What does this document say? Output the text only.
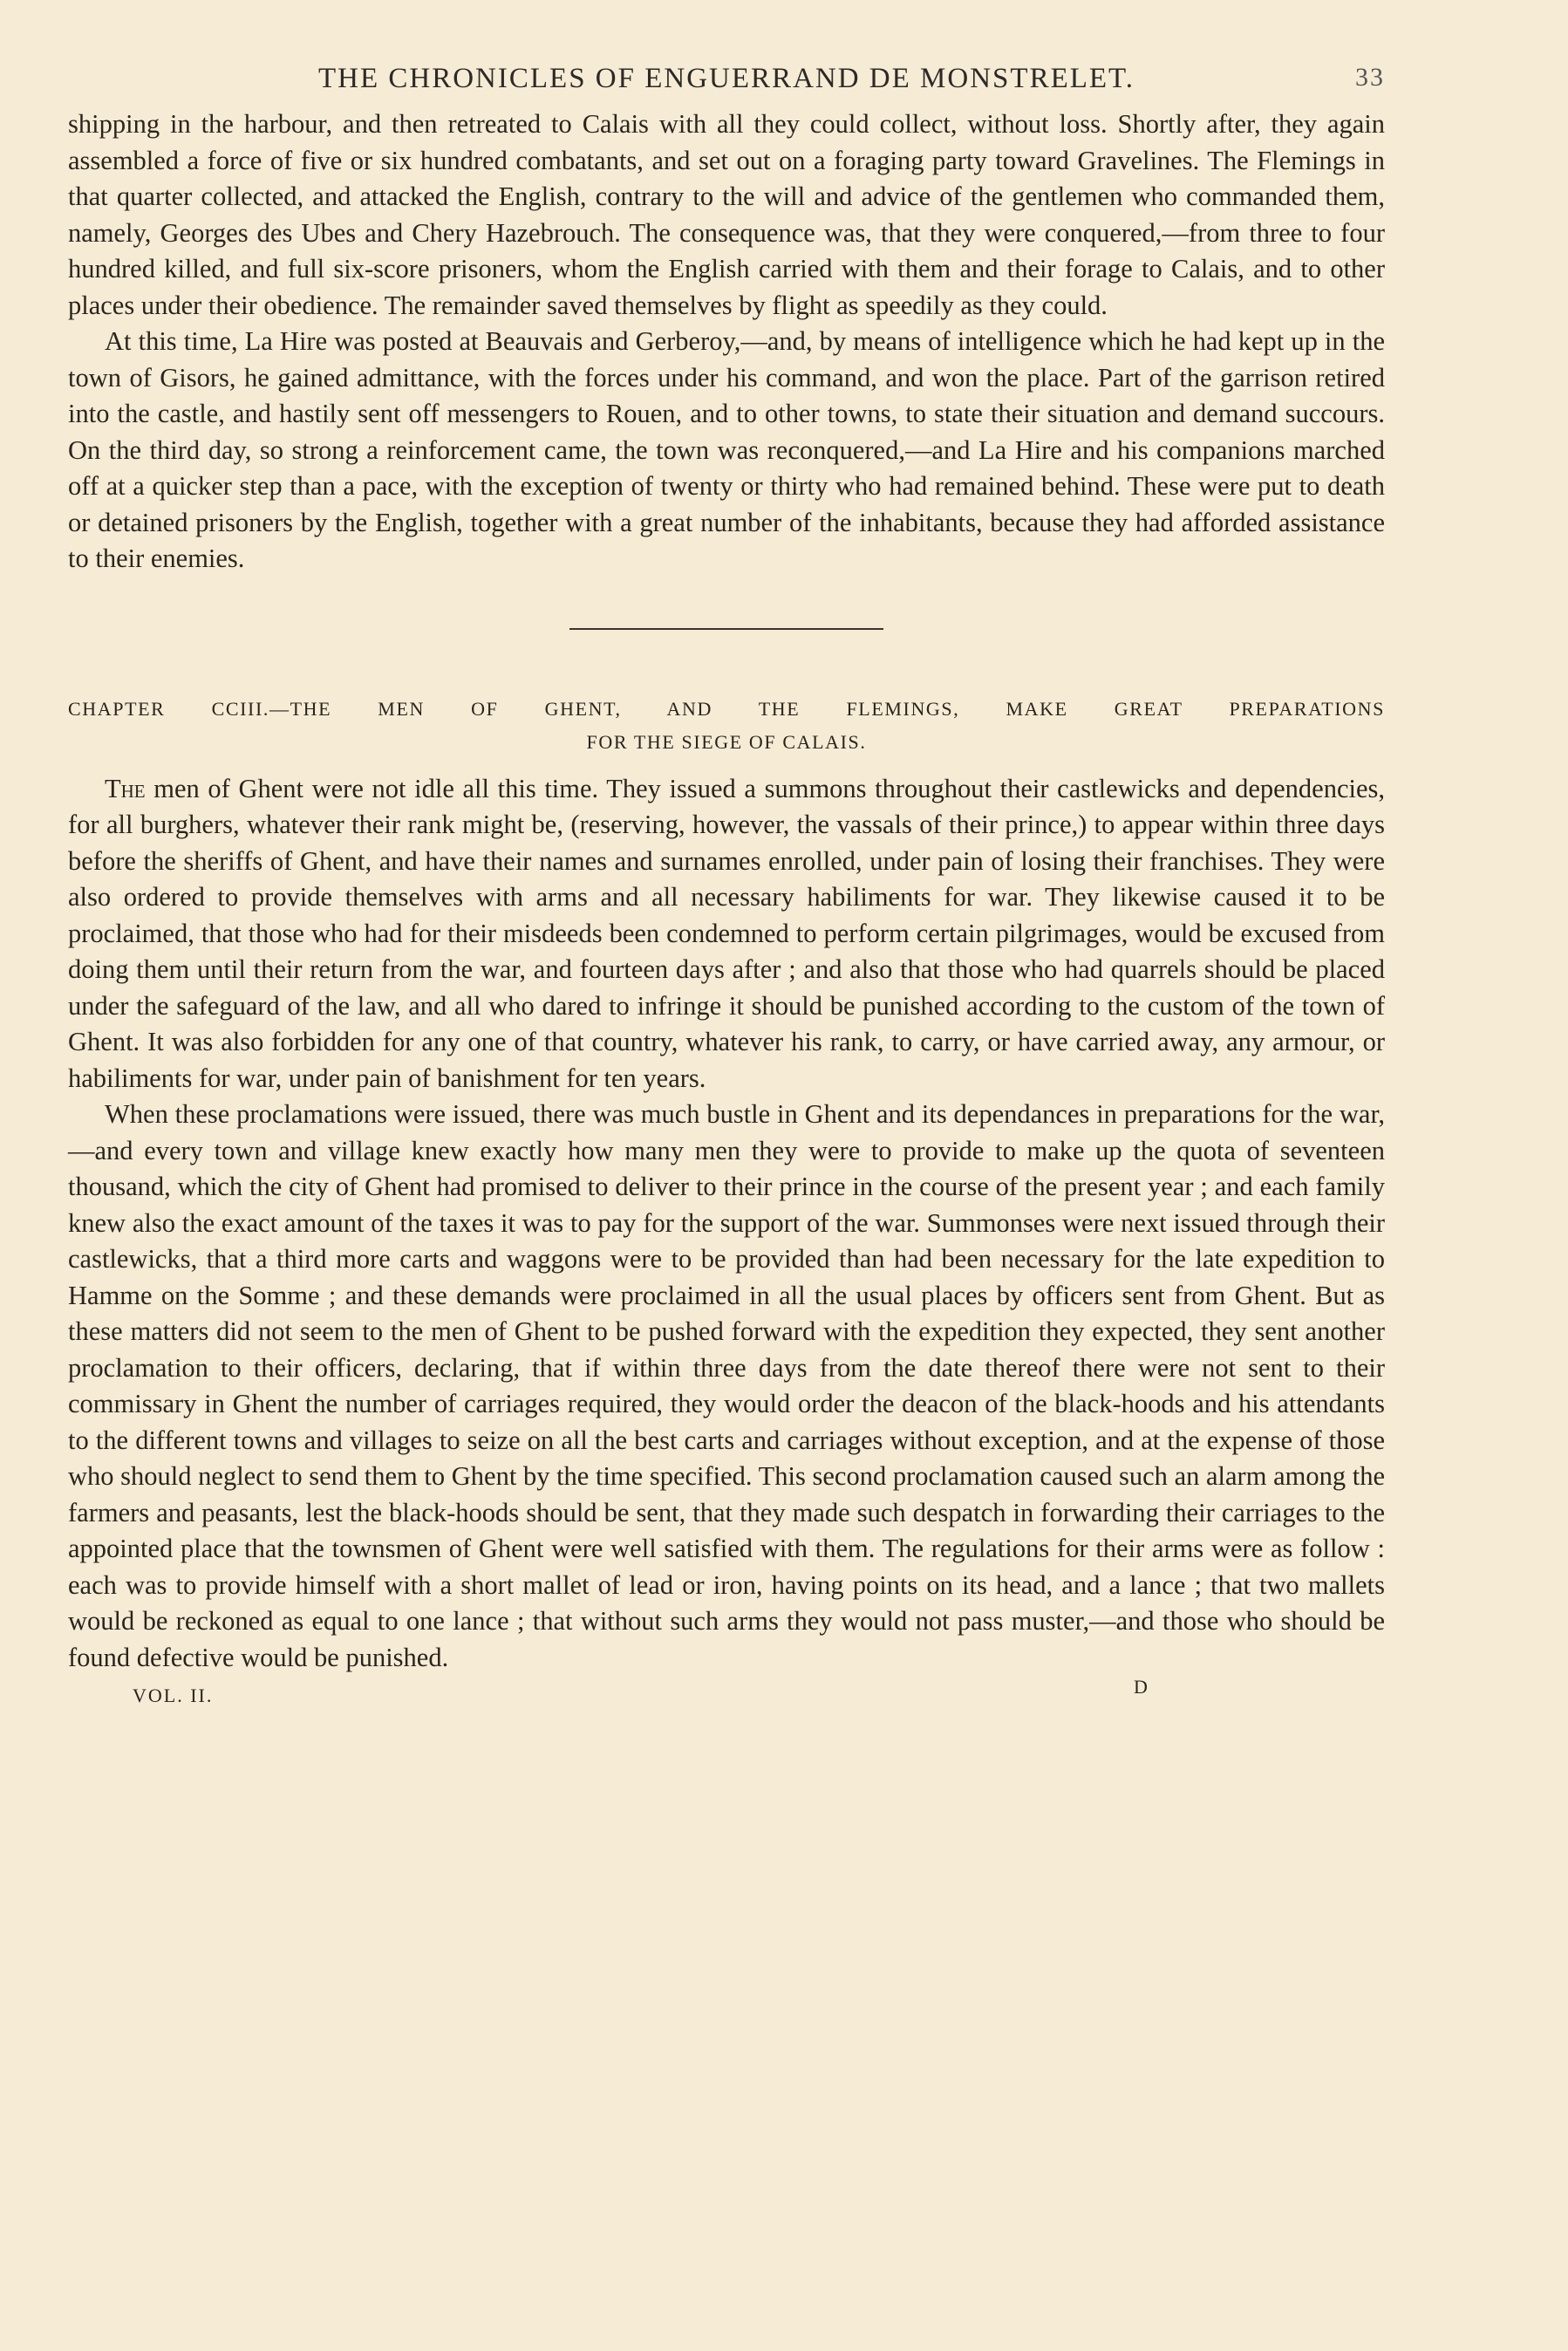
THE CHRONICLES OF ENGUERRAND DE MONSTRELET.	33

shipping in the harbour, and then retreated to Calais with all they could collect, without loss. Shortly after, they again assembled a force of five or six hundred combatants, and set out on a foraging party toward Gravelines. The Flemings in that quarter collected, and attacked the English, contrary to the will and advice of the gentlemen who commanded them, namely, Georges des Ubes and Chery Hazebrouch. The consequence was, that they were conquered,—from three to four hundred killed, and full six-score prisoners, whom the English carried with them and their forage to Calais, and to other places under their obedience. The remainder saved themselves by flight as speedily as they could.

At this time, La Hire was posted at Beauvais and Gerberoy,—and, by means of intelligence which he had kept up in the town of Gisors, he gained admittance, with the forces under his command, and won the place. Part of the garrison retired into the castle, and hastily sent off messengers to Rouen, and to other towns, to state their situation and demand succours. On the third day, so strong a reinforcement came, the town was reconquered,—and La Hire and his companions marched off at a quicker step than a pace, with the exception of twenty or thirty who had remained behind. These were put to death or detained prisoners by the English, together with a great number of the inhabitants, because they had afforded assistance to their enemies.

CHAPTER CCIII.—THE MEN OF GHENT, AND THE FLEMINGS, MAKE GREAT PREPARATIONS
FOR THE SIEGE OF CALAIS.

The men of Ghent were not idle all this time. They issued a summons throughout their castlewicks and dependencies, for all burghers, whatever their rank might be, (reserving, however, the vassals of their prince,) to appear within three days before the sheriffs of Ghent, and have their names and surnames enrolled, under pain of losing their franchises. They were also ordered to provide themselves with arms and all necessary habiliments for war. They likewise caused it to be proclaimed, that those who had for their misdeeds been condemned to perform certain pilgrimages, would be excused from doing them until their return from the war, and fourteen days after ; and also that those who had quarrels should be placed under the safeguard of the law, and all who dared to infringe it should be punished according to the custom of the town of Ghent. It was also forbidden for any one of that country, whatever his rank, to carry, or have carried away, any armour, or habiliments for war, under pain of banishment for ten years.

When these proclamations were issued, there was much bustle in Ghent and its dependances in preparations for the war,—and every town and village knew exactly how many men they were to provide to make up the quota of seventeen thousand, which the city of Ghent had promised to deliver to their prince in the course of the present year ; and each family knew also the exact amount of the taxes it was to pay for the support of the war. Summonses were next issued through their castlewicks, that a third more carts and waggons were to be provided than had been necessary for the late expedition to Hamme on the Somme ; and these demands were proclaimed in all the usual places by officers sent from Ghent. But as these matters did not seem to the men of Ghent to be pushed forward with the expedition they expected, they sent another proclamation to their officers, declaring, that if within three days from the date thereof there were not sent to their commissary in Ghent the number of carriages required, they would order the deacon of the black-hoods and his attendants to the different towns and villages to seize on all the best carts and carriages without exception, and at the expense of those who should neglect to send them to Ghent by the time specified. This second proclamation caused such an alarm among the farmers and peasants, lest the black-hoods should be sent, that they made such despatch in forwarding their carriages to the appointed place that the townsmen of Ghent were well satisfied with them. The regulations for their arms were as follow : each was to provide himself with a short mallet of lead or iron, having points on its head, and a lance ; that two mallets would be reckoned as equal to one lance ; that without such arms they would not pass muster,—and those who should be found defective would be punished.

VOL. II.	D
